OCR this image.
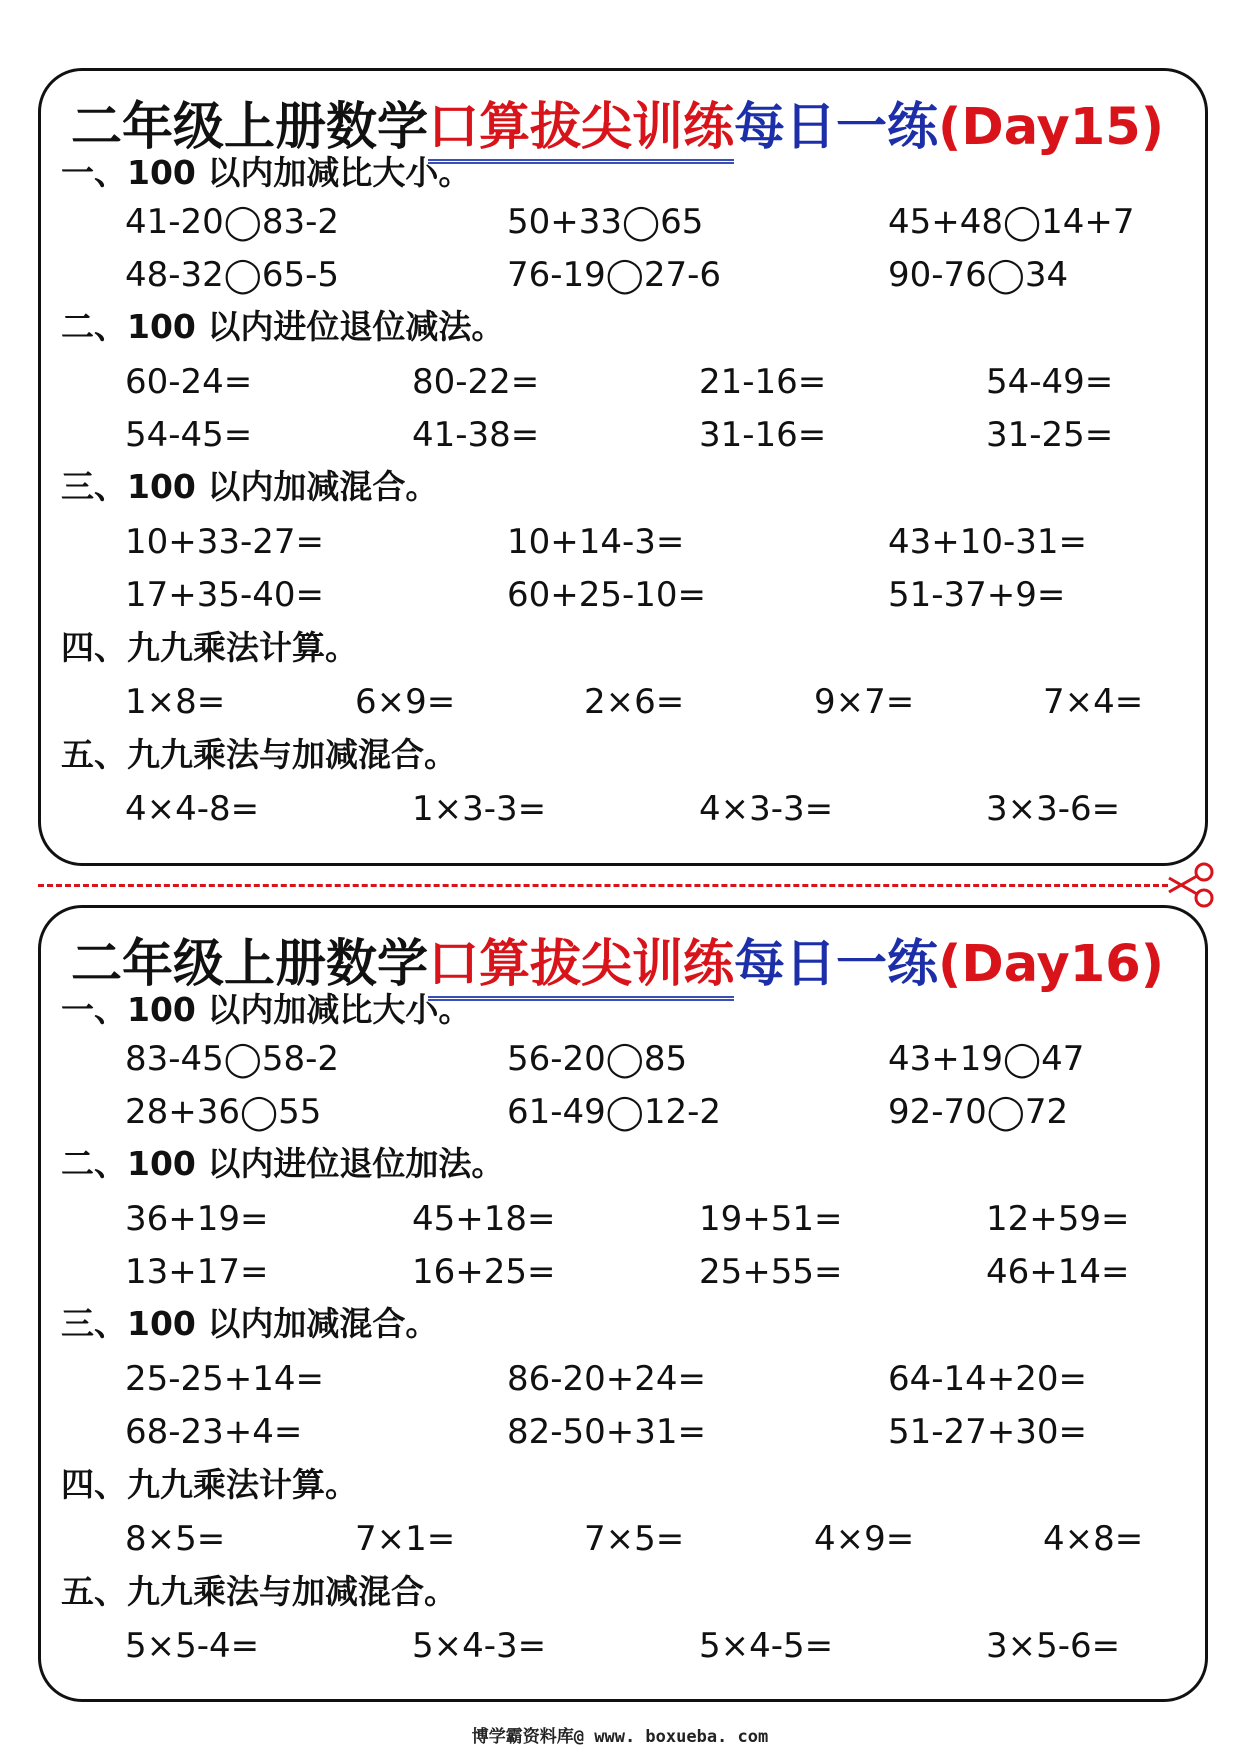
二年级上册数学口算拔尖训练每日一练(Day15)
一、100 以内加减比大小。
41-20◯83-2	50+33◯65	45+48◯14+7
48-32◯65-5	76-19◯27-6	90-76◯34
二、100 以内进位退位减法。
60-24=	80-22=	21-16=	54-49=
54-45=	41-38=	31-16=	31-25=
三、100 以内加减混合。
10+33-27=	10+14-3=	43+10-31=
17+35-40=	60+25-10=	51-37+9=
四、九九乘法计算。
1×8=	6×9=	2×6=	9×7=	7×4=
五、九九乘法与加减混合。
4×4-8=	1×3-3=	4×3-3=	3×3-6=
二年级上册数学口算拔尖训练每日一练(Day16)
一、100 以内加减比大小。
83-45◯58-2	56-20◯85	43+19◯47
28+36◯55	61-49◯12-2	92-70◯72
二、100 以内进位退位加法。
36+19=	45+18=	19+51=	12+59=
13+17=	16+25=	25+55=	46+14=
三、100 以内加减混合。
25-25+14=	86-20+24=	64-14+20=
68-23+4=	82-50+31=	51-27+30=
四、九九乘法计算。
8×5=	7×1=	7×5=	4×9=	4×8=
五、九九乘法与加减混合。
5×5-4=	5×4-3=	5×4-5=	3×5-6=
博学霸资料库@ www. boxueba. com
